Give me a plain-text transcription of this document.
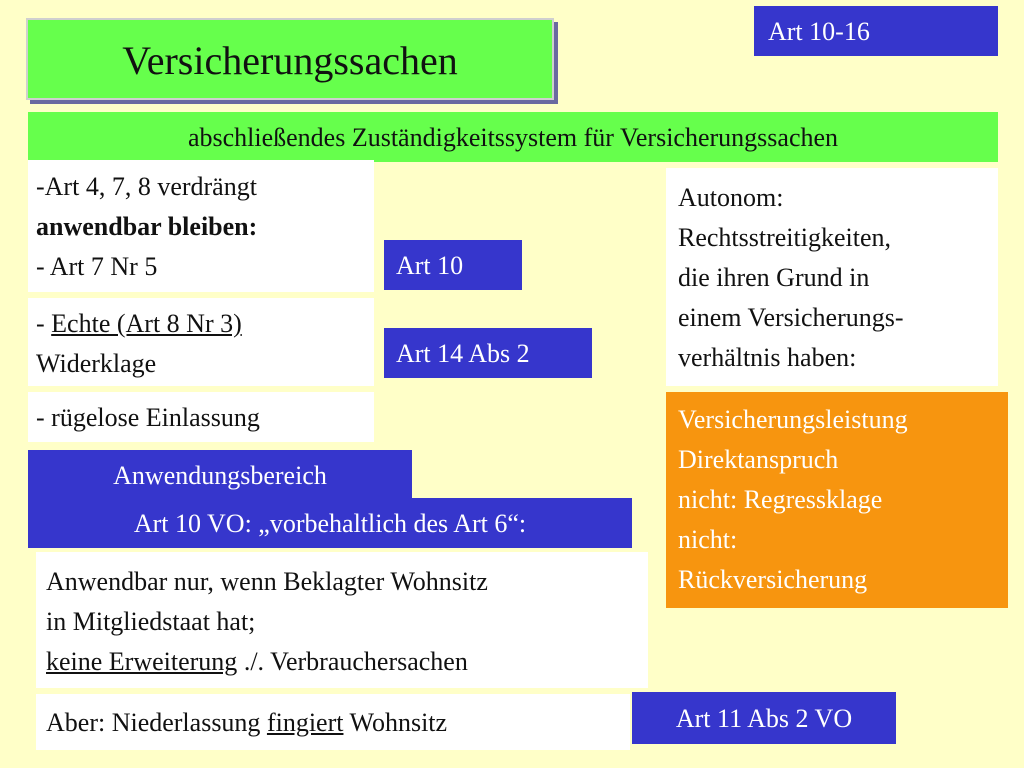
Versicherungssachen
Art 10-16
abschließendes Zuständigkeitssystem für Versicherungssachen
-Art 4, 7, 8 verdrängt
anwendbar bleiben:
- Art 7 Nr 5
- Echte (Art 8 Nr 3)
Widerklage
- rügelose Einlassung
Art 10
Art 14 Abs 2
Autonom:
Rechtsstreitigkeiten,
die ihren Grund in
einem Versicherungs-
verhältnis haben:
Versicherungsleistung
Direktanspruch
nicht: Regressklage
nicht:
Rückversicherung
Anwendungsbereich
Art 10 VO: „vorbehaltlich des Art 6“:
Anwendbar nur, wenn Beklagter Wohnsitz
in Mitgliedstaat hat;
keine Erweiterung ./. Verbrauchersachen
Aber: Niederlassung fingiert Wohnsitz	Art 11 Abs 2 VO
